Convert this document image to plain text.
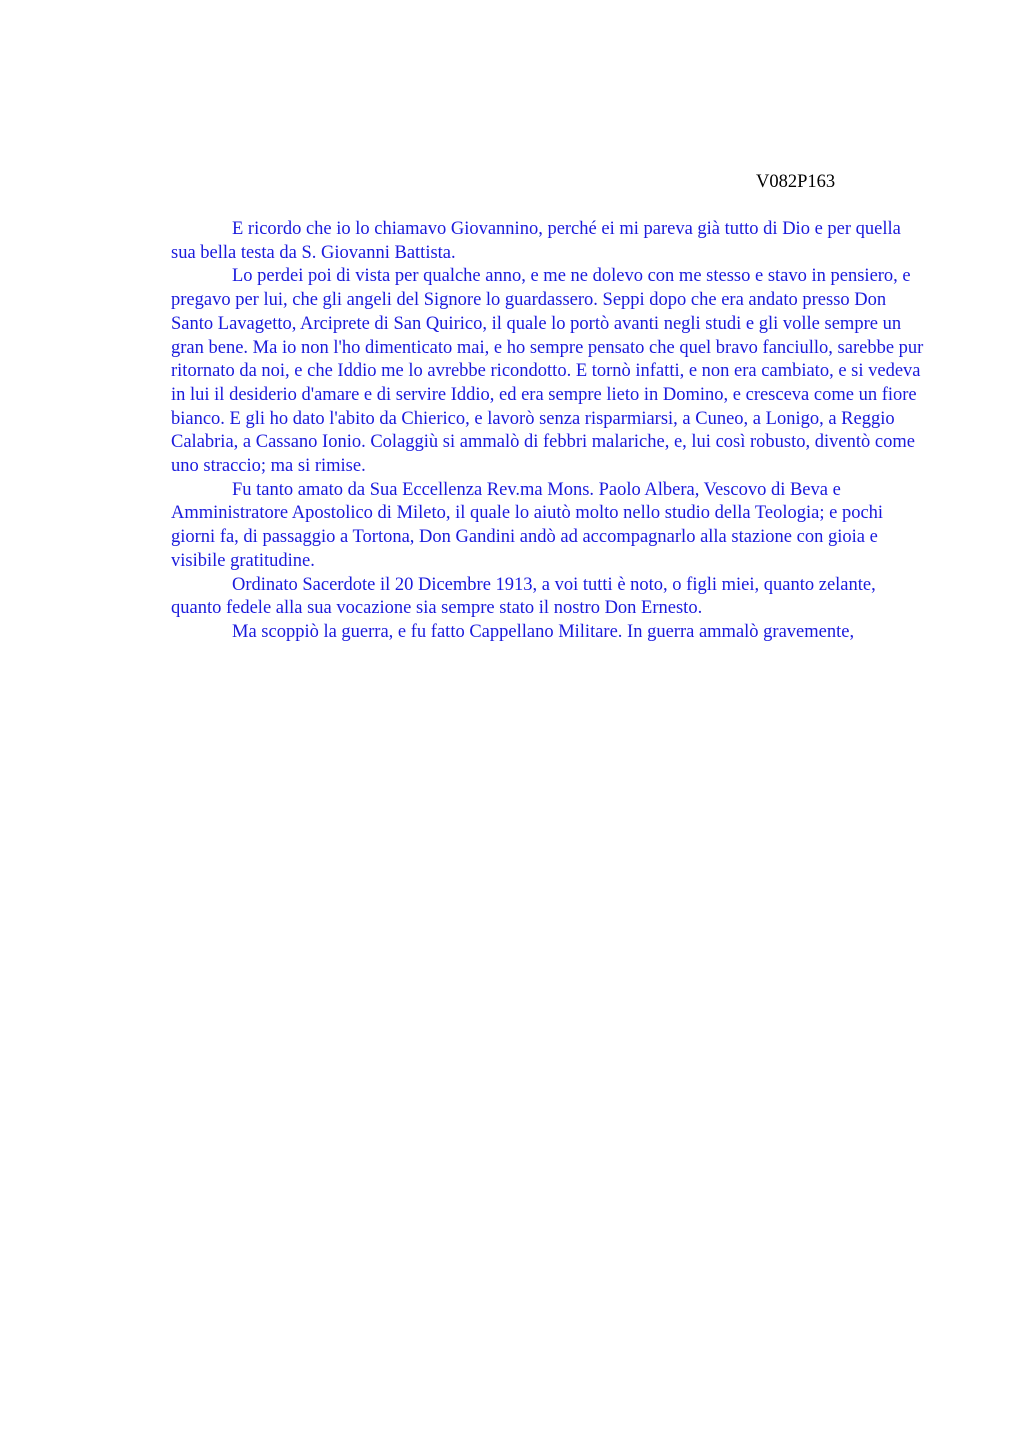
V082P163

E ricordo che io lo chiamavo Giovannino, perché ei mi pareva già tutto di Dio e per quella sua bella testa da S. Giovanni Battista.

Lo perdei poi di vista per qualche anno, e me ne dolevo con me stesso e stavo in pensiero, e pregavo per lui, che gli angeli del Signore lo guardassero. Seppi dopo che era andato presso Don Santo Lavagetto, Arciprete di San Quirico, il quale lo portò avanti negli studi e gli volle sempre un gran bene. Ma io non l'ho dimenticato mai, e ho sempre pensato che quel bravo fanciullo, sarebbe pur ritornato da noi, e che Iddio me lo avrebbe ricondotto. E tornò infatti, e non era cambiato, e si vedeva in lui il desiderio d'amare e di servire Iddio, ed era sempre lieto in Domino, e cresceva come un fiore bianco. E gli ho dato l'abito da Chierico, e lavorò senza risparmiarsi, a Cuneo, a Lonigo, a Reggio Calabria, a Cassano Ionio. Colaggiù si ammalò di febbri malariche, e, lui così robusto, diventò come uno straccio; ma si rimise.

Fu tanto amato da Sua Eccellenza Rev.ma Mons. Paolo Albera, Vescovo di Beva e Amministratore Apostolico di Mileto, il quale lo aiutò molto nello studio della Teologia; e pochi giorni fa, di passaggio a Tortona, Don Gandini andò ad accompagnarlo alla stazione con gioia e visibile gratitudine.

Ordinato Sacerdote il 20 Dicembre 1913, a voi tutti è noto, o figli miei, quanto zelante, quanto fedele alla sua vocazione sia sempre stato il nostro Don Ernesto.

Ma scoppiò la guerra, e fu fatto Cappellano Militare. In guerra ammalò gravemente,
